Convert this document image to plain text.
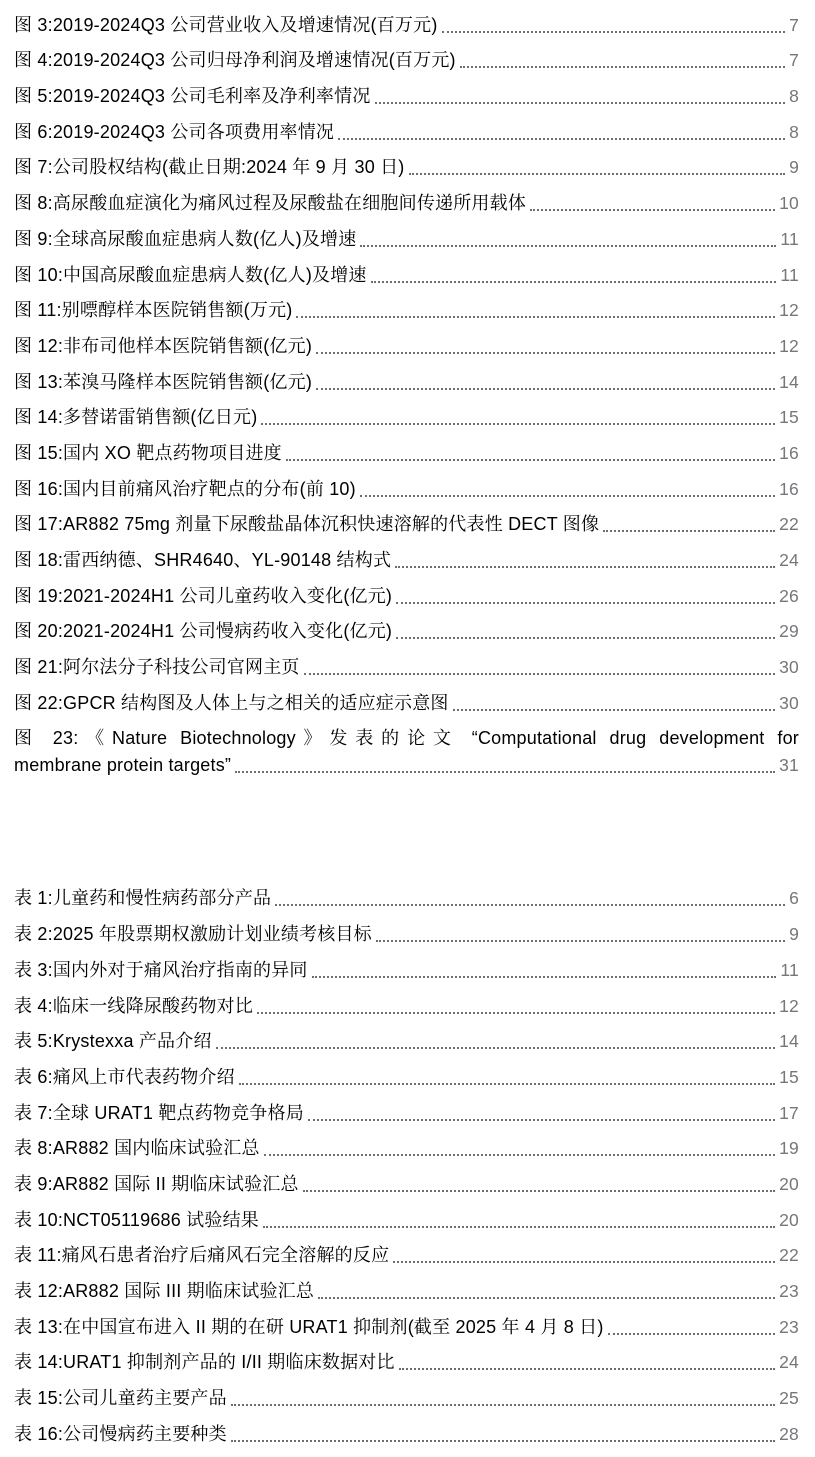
图 3: 2019-2024Q3 公司营业收入及增速情况(百万元)	7
图 4: 2019-2024Q3 公司归母净利润及增速情况(百万元)	7
图 5: 2019-2024Q3 公司毛利率及净利率情况	8
图 6: 2019-2024Q3 公司各项费用率情况	8
图 7: 公司股权结构(截止日期:2024 年 9 月 30 日)	9
图 8: 高尿酸血症演化为痛风过程及尿酸盐在细胞间传递所用载体	10
图 9: 全球高尿酸血症患病人数(亿人)及增速	11
图 10: 中国高尿酸血症患病人数(亿人)及增速	11
图 11: 别嘌醇样本医院销售额(万元)	12
图 12: 非布司他样本医院销售额(亿元)	12
图 13: 苯溴马隆样本医院销售额(亿元)	14
图 14: 多替诺雷销售额(亿日元)	15
图 15: 国内 XO 靶点药物项目进度	16
图 16: 国内目前痛风治疗靶点的分布(前 10)	16
图 17: AR882 75mg 剂量下尿酸盐晶体沉积快速溶解的代表性 DECT 图像	22
图 18: 雷西纳德、SHR4640、YL-90148 结构式	24
图 19: 2021-2024H1 公司儿童药收入变化(亿元)	26
图 20: 2021-2024H1 公司慢病药收入变化(亿元)	29
图 21: 阿尔法分子科技公司官网主页	30
图 22: GPCR 结构图及人体上与之相关的适应症示意图	30
图 23:《Nature Biotechnology》发表的论文 “Computational drug development for
membrane protein targets”	31
表 1: 儿童药和慢性病药部分产品	6
表 2: 2025 年股票期权激励计划业绩考核目标	9
表 3: 国内外对于痛风治疗指南的异同	11
表 4: 临床一线降尿酸药物对比	12
表 5: Krystexxa 产品介绍	14
表 6: 痛风上市代表药物介绍	15
表 7: 全球 URAT1 靶点药物竞争格局	17
表 8: AR882 国内临床试验汇总	19
表 9: AR882 国际 II 期临床试验汇总	20
表 10: NCT05119686 试验结果	20
表 11: 痛风石患者治疗后痛风石完全溶解的反应	22
表 12: AR882 国际 III 期临床试验汇总	23
表 13: 在中国宣布进入 II 期的在研 URAT1 抑制剂(截至 2025 年 4 月 8 日)	23
表 14: URAT1 抑制剂产品的 I/II 期临床数据对比	24
表 15: 公司儿童药主要产品	25
表 16: 公司慢病药主要种类	28
